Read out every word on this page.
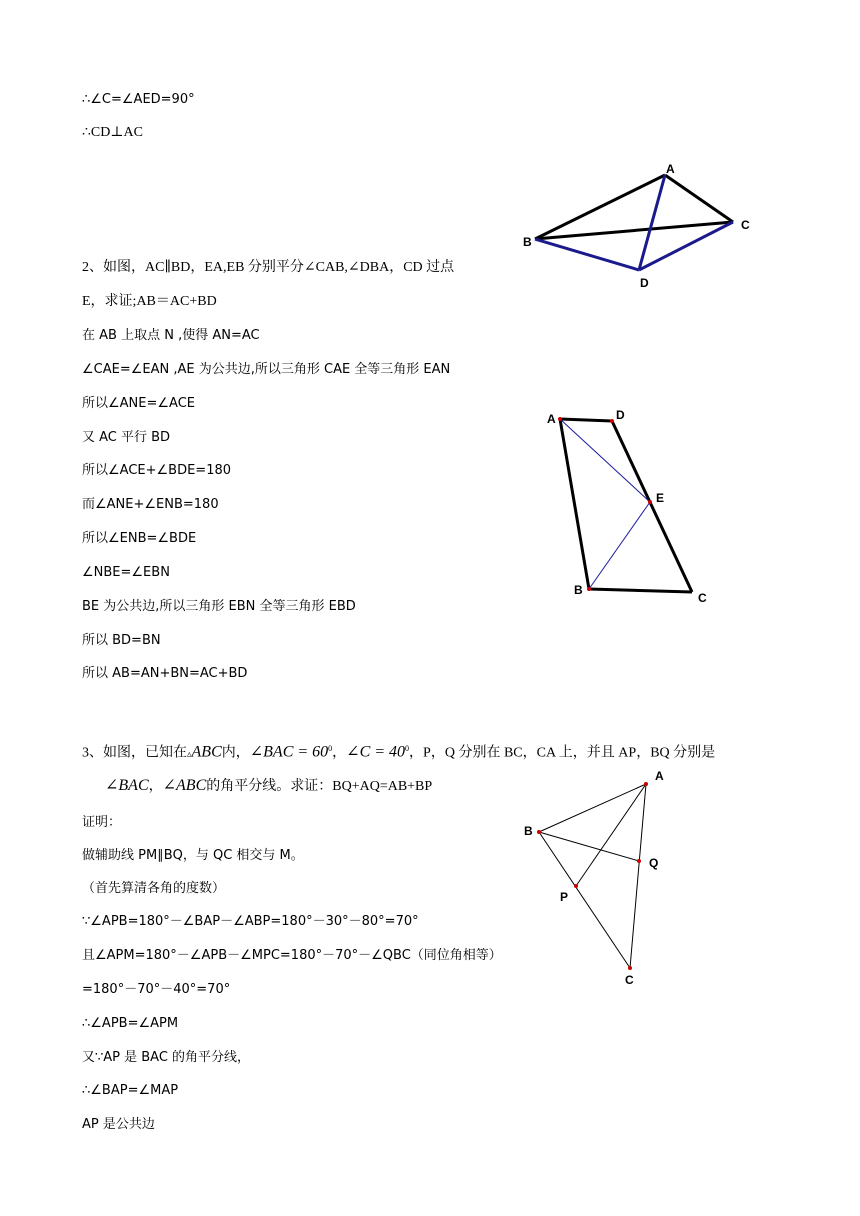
∴∠C=∠AED=90°
∴CD⊥AC
A
B
C
D
2、如图，AC∥BD，EA,EB 分别平分∠CAB,∠DBA，CD 过点
E，求证;AB＝AC+BD
在 AB 上取点 N ,使得 AN=AC
∠CAE=∠EAN ,AE 为公共边,所以三角形 CAE 全等三角形 EAN
所以∠ANE=∠ACE
又 AC 平行 BD
所以∠ACE+∠BDE=180
而∠ANE+∠ENB=180
所以∠ENB=∠BDE
∠NBE=∠EBN
BE 为公共边,所以三角形 EBN 全等三角形 EBD
所以 BD=BN
所以 AB=AN+BN=AC+BD
A	D
E
B
C
3、如图，已知在▵ABC内，∠BAC = $60^0$，∠C = $40^0$，P，Q 分别在 BC，CA 上，并且 AP，BQ 分别是
∠BAC，∠ABC的角平分线。求证：BQ+AQ=AB+BP
证明：
做辅助线 PM∥BQ，与 QC 相交与 M。
（首先算清各角的度数）
∵∠APB=180°－∠BAP－∠ABP=180°－30°－80°=70°
且∠APM=180°－∠APB－∠MPC=180°－70°－∠QBC（同位角相等）
=180°－70°－40°=70°
∴∠APB=∠APM
又∵AP 是 BAC 的角平分线，
∴∠BAP=∠MAP
AP 是公共边
A
B
Q
P
C
